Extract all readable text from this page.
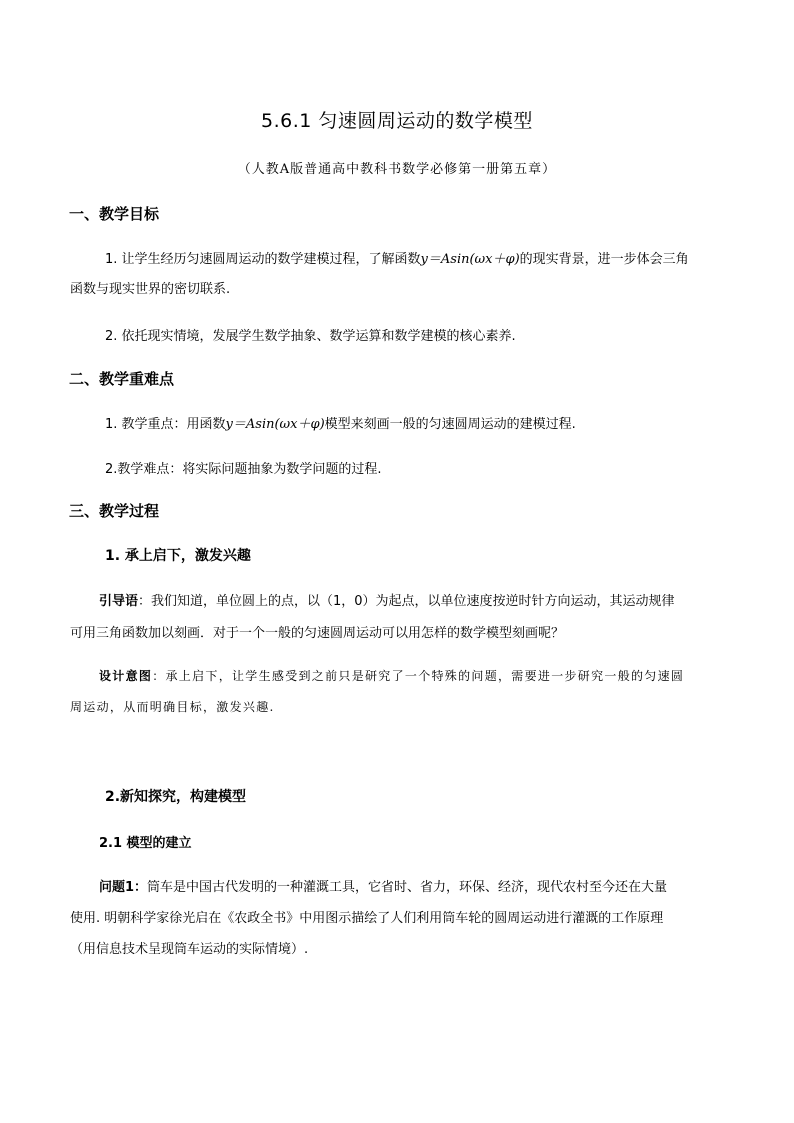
5.6.1 匀速圆周运动的数学模型
（人教A版普通高中教科书数学必修第一册第五章）
一、教学目标
1. 让学生经历匀速圆周运动的数学建模过程，了解函数y＝Asin(ωx＋φ)的现实背景，进一步体会三角
函数与现实世界的密切联系.
2. 依托现实情境，发展学生数学抽象、数学运算和数学建模的核心素养.
二、教学重难点
1. 教学重点：用函数y＝Asin(ωx＋φ)模型来刻画一般的匀速圆周运动的建模过程.
2.教学难点：将实际问题抽象为数学问题的过程.
三、教学过程
1. 承上启下，激发兴趣
引导语：我们知道，单位圆上的点，以（1，0）为起点，以单位速度按逆时针方向运动，其运动规律
可用三角函数加以刻画．对于一个一般的匀速圆周运动可以用怎样的数学模型刻画呢？
设计意图：承上启下，让学生感受到之前只是研究了一个特殊的问题，需要进一步研究一般的匀速圆
周运动，从而明确目标，激发兴趣.
2.新知探究，构建模型
2.1 模型的建立
问题1：筒车是中国古代发明的一种灌溉工具，它省时、省力，环保、经济，现代农村至今还在大量
使用. 明朝科学家徐光启在《农政全书》中用图示描绘了人们利用筒车轮的圆周运动进行灌溉的工作原理
（用信息技术呈现筒车运动的实际情境）.
